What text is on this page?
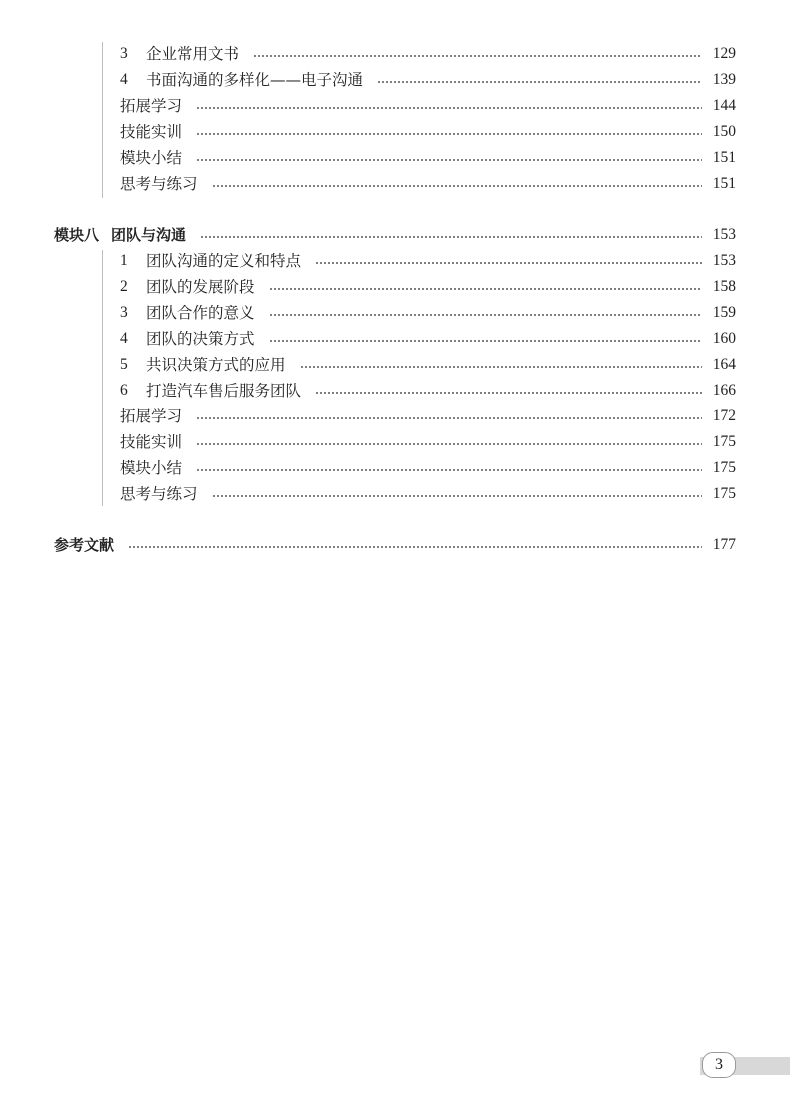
3	企业常用文书	129
4	书面沟通的多样化——电子沟通	139
拓展学习	144
技能实训	150
模块小结	151
思考与练习	151
模块八 团队与沟通	153
1	团队沟通的定义和特点	153
2	团队的发展阶段	158
3	团队合作的意义	159
4	团队的决策方式	160
5	共识决策方式的应用	164
6	打造汽车售后服务团队	166
拓展学习	172
技能实训	175
模块小结	175
思考与练习	175
参考文献	177
3
